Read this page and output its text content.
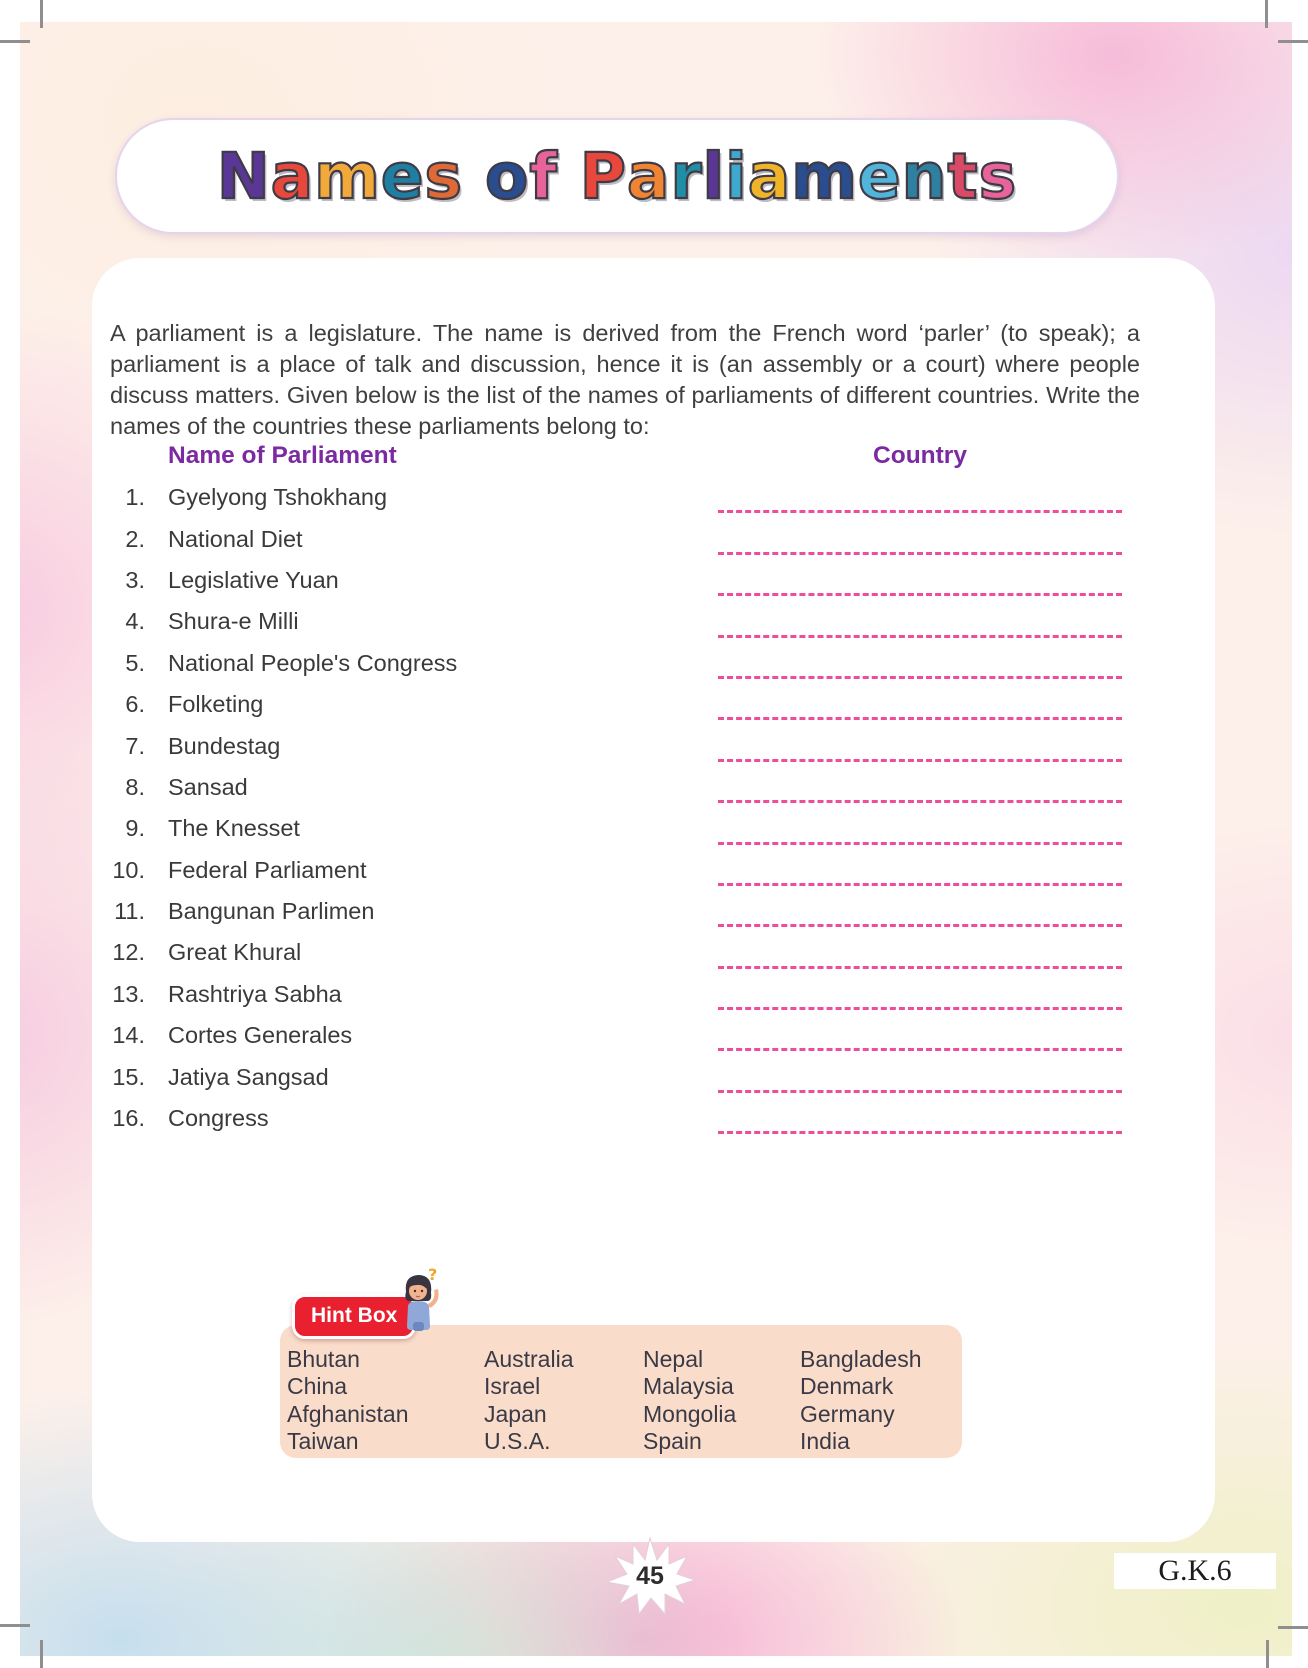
Names of Parliaments

A parliament is a legislature. The name is derived from the French word ‘parler’ (to speak); a parliament is a place of talk and discussion, hence it is (an assembly or a court) where people discuss matters. Given below is the list of the names of parliaments of different countries. Write the names of the countries these parliaments belong to:

Name of Parliament	Country
1. Gyelyong Tshokhang
2. National Diet
3. Legislative Yuan
4. Shura-e Milli
5. National People's Congress
6. Folketing
7. Bundestag
8. Sansad
9. The Knesset
10. Federal Parliament
11. Bangunan Parlimen
12. Great Khural
13. Rashtriya Sabha
14. Cortes Generales
15. Jatiya Sangsad
16. Congress
Hint Box
?
Bhutan
China
Afghanistan
Taiwan
Australia
Israel
Japan
U.S.A.
Nepal
Malaysia
Mongolia
Spain
Bangladesh
Denmark
Germany
India
45	G.K.6
